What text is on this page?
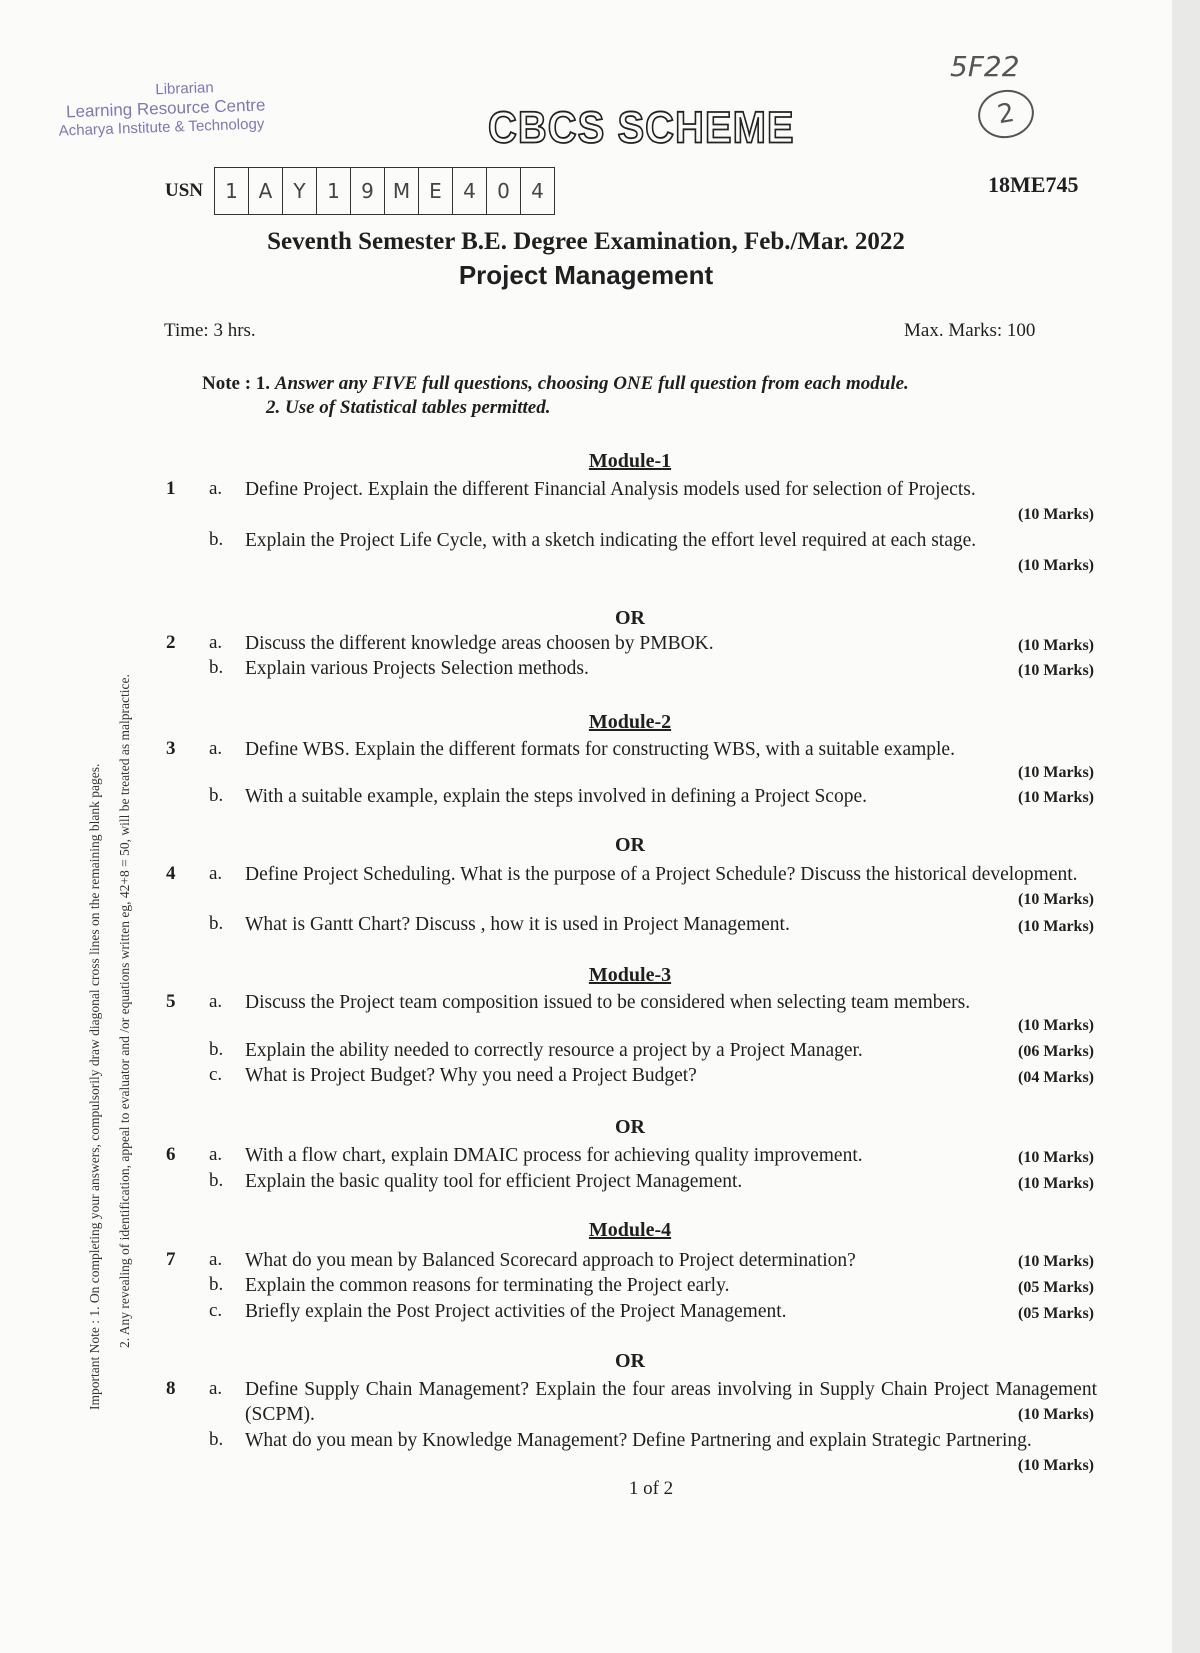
Librarian
Learning Resource Centre
Acharya Institute & Technology	CBCS SCHEME
5F22
2
USN	1	A	Y	1	9 M E	4	0	4	18ME745
Seventh Semester B.E. Degree Examination, Feb./Mar. 2022
Project Management
Time: 3 hrs.	Max. Marks: 100
Note : 1. Answer any FIVE full questions, choosing ONE full question from each module.
2. Use of Statistical tables permitted.
Important Note : 1. On completing your answers, compulsorily draw diagonal cross lines on the remaining blank pages.	2. Any revealing of identification, appeal to evaluator and /or equations written eg, 42+8 = 50, will be treated as malpractice.
Module-1
1 a. Define Project. Explain the different Financial Analysis models used for selection of Projects.
(10 Marks)
b. Explain the Project Life Cycle, with a sketch indicating the effort level required at each stage.
(10 Marks)
OR
2 a. Discuss the different knowledge areas choosen by PMBOK.	(10 Marks)
b. Explain various Projects Selection methods.	(10 Marks)
Module-2
3 a. Define WBS. Explain the different formats for constructing WBS, with a suitable example.
(10 Marks)
b. With a suitable example, explain the steps involved in defining a Project Scope.	(10 Marks)
OR
4 a. Define Project Scheduling. What is the purpose of a Project Schedule? Discuss the historical development.
(10 Marks)
b. What is Gantt Chart? Discuss , how it is used in Project Management.	(10 Marks)
Module-3
5 a. Discuss the Project team composition issued to be considered when selecting team members.
(10 Marks)
b. Explain the ability needed to correctly resource a project by a Project Manager.	(06 Marks)
c. What is Project Budget? Why you need a Project Budget?	(04 Marks)
OR
6 a. With a flow chart, explain DMAIC process for achieving quality improvement.	(10 Marks)
b. Explain the basic quality tool for efficient Project Management.	(10 Marks)
Module-4
7 a. What do you mean by Balanced Scorecard approach to Project determination?	(10 Marks)
b. Explain the common reasons for terminating the Project early.	(05 Marks)
c. Briefly explain the Post Project activities of the Project Management.	(05 Marks)
OR
8 a. Define Supply Chain Management? Explain the four areas involving in Supply Chain Project Management (SCPM).	(10 Marks)
b. What do you mean by Knowledge Management? Define Partnering and explain Strategic Partnering.
(10 Marks)
1 of 2
